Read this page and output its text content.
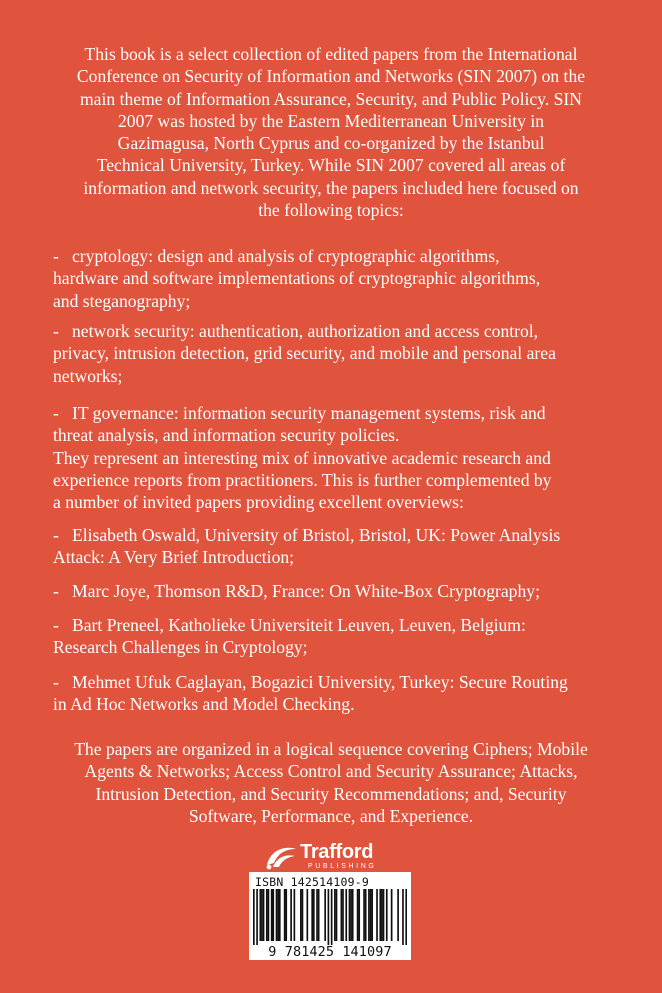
This book is a select collection of edited papers from the International
Conference on Security of Information and Networks (SIN 2007) on the
main theme of Information Assurance, Security, and Public Policy. SIN
2007 was hosted by the Eastern Mediterranean University in
Gazimagusa, North Cyprus and co-organized by the Istanbul
Technical University, Turkey. While SIN 2007 covered all areas of
information and network security, the papers included here focused on
the following topics:
- cryptology: design and analysis of cryptographic algorithms,
hardware and software implementations of cryptographic algorithms,
and steganography;
- network security: authentication, authorization and access control,
privacy, intrusion detection, grid security, and mobile and personal area
networks;
- IT governance: information security management systems, risk and
threat analysis, and information security policies.
They represent an interesting mix of innovative academic research and
experience reports from practitioners. This is further complemented by
a number of invited papers providing excellent overviews:
- Elisabeth Oswald, University of Bristol, Bristol, UK: Power Analysis
Attack: A Very Brief Introduction;
- Marc Joye, Thomson R&D, France: On White-Box Cryptography;
- Bart Preneel, Katholieke Universiteit Leuven, Leuven, Belgium:
Research Challenges in Cryptology;
- Mehmet Ufuk Caglayan, Bogazici University, Turkey: Secure Routing
in Ad Hoc Networks and Model Checking.
The papers are organized in a logical sequence covering Ciphers; Mobile
Agents & Networks; Access Control and Security Assurance; Attacks,
Intrusion Detection, and Security Recommendations; and, Security
Software, Performance, and Experience.
Trafford
PUBLISHING
ISBN 142514109-9
9 781425 141097
